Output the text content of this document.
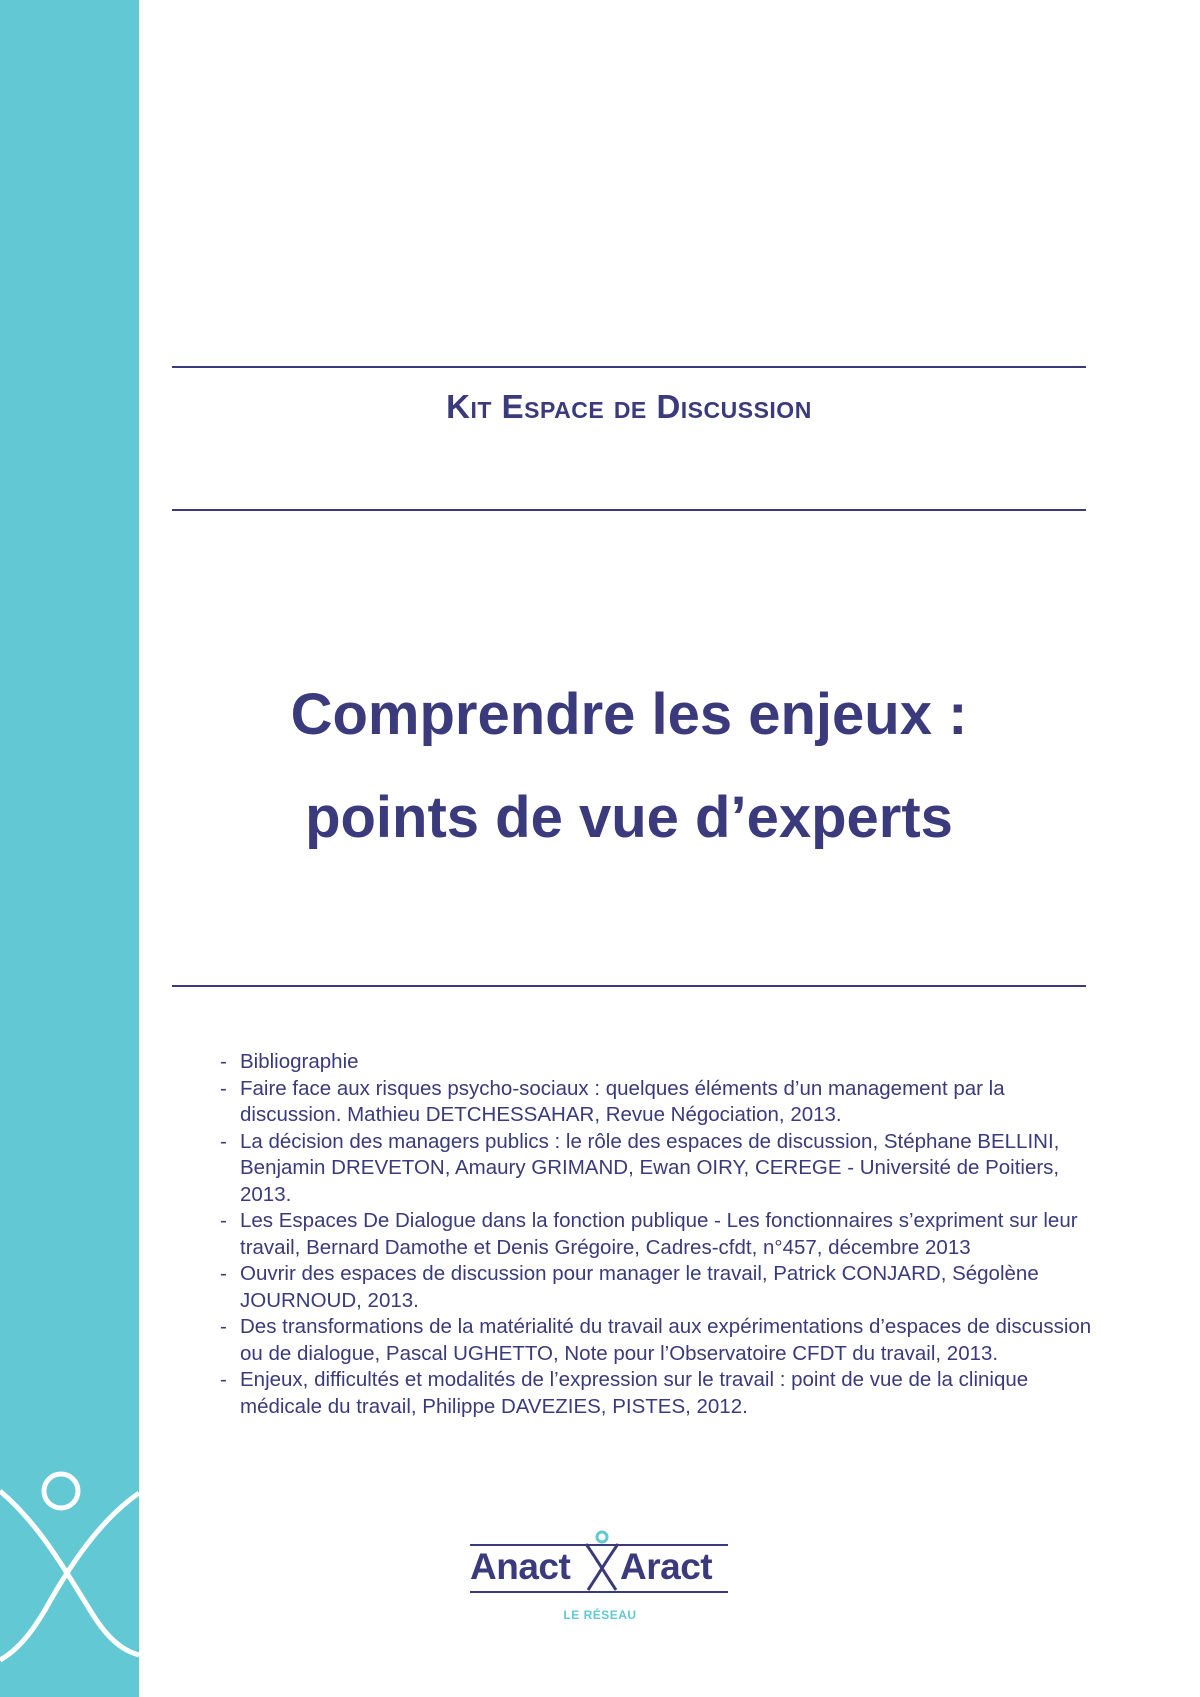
Kit Espace de Discussion
Comprendre les enjeux :
points de vue d’experts
- Bibliographie
- Faire face aux risques psycho-sociaux : quelques éléments d’un management par la discussion. Mathieu DETCHESSAHAR, Revue Négociation, 2013.
- La décision des managers publics : le rôle des espaces de discussion, Stéphane BELLINI, Benjamin DREVETON, Amaury GRIMAND, Ewan OIRY, CEREGE - Université de Poitiers, 2013.
- Les Espaces De Dialogue dans la fonction publique - Les fonctionnaires s’expriment sur leur travail, Bernard Damothe et Denis Grégoire, Cadres-cfdt, n°457, décembre 2013
- Ouvrir des espaces de discussion pour manager le travail, Patrick CONJARD, Ségolène JOURNOUD, 2013.
- Des transformations de la matérialité du travail aux expérimentations d’espaces de discussion ou de dialogue, Pascal UGHETTO, Note pour l’Observatoire CFDT du travail, 2013.
- Enjeux, difficultés et modalités de l’expression sur le travail : point de vue de la clinique médicale du travail, Philippe DAVEZIES, PISTES, 2012.
Anact Aract
LE RÉSEAU
